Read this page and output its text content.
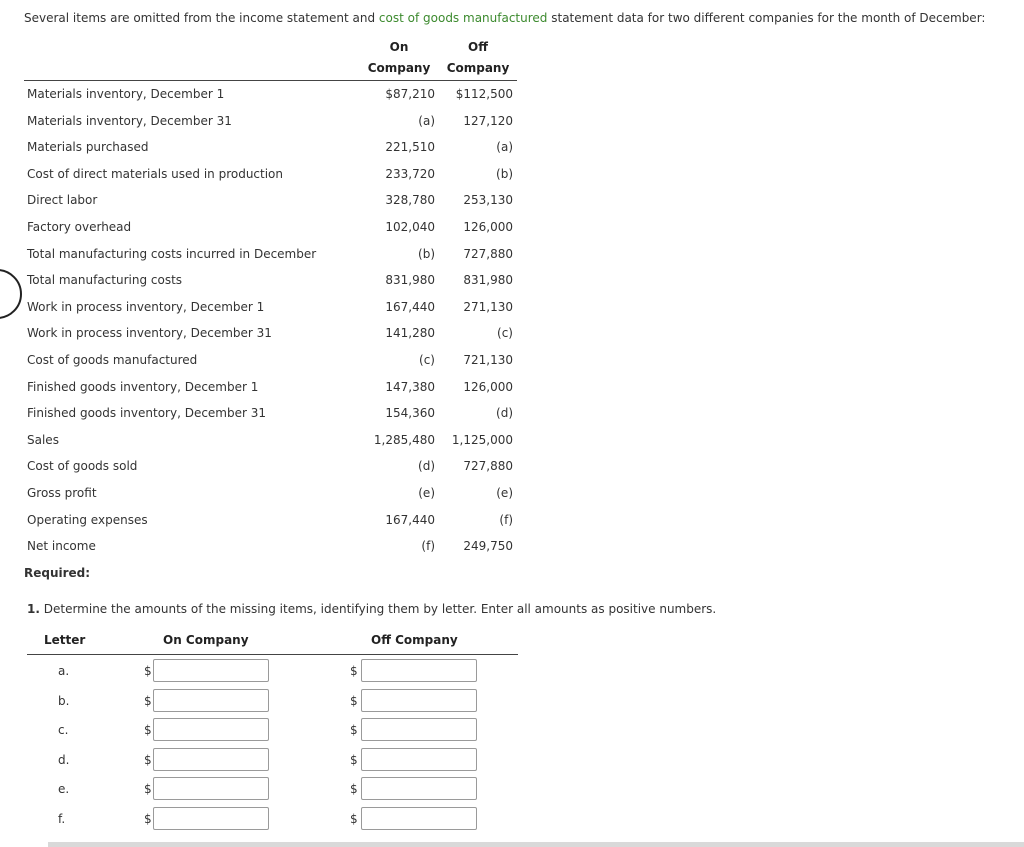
Several items are omitted from the income statement and cost of goods manufactured statement data for two different companies for the month of December:
On
Company
Off
Company
Materials inventory, December 1	$87,210 $112,500
Materials inventory, December 31	(a) 127,120
Materials purchased	221,510	(a)
Cost of direct materials used in production	233,720	(b)
Direct labor	328,780 253,130
Factory overhead	102,040 126,000
Total manufacturing costs incurred in December	(b) 727,880
Total manufacturing costs	831,980 831,980
Work in process inventory, December 1	167,440 271,130
Work in process inventory, December 31	141,280	(c)
Cost of goods manufactured	(c) 721,130
Finished goods inventory, December 1	147,380 126,000
Finished goods inventory, December 31	154,360	(d)
Sales	1,285,480 1,125,000
Cost of goods sold	(d) 727,880
Gross profit	(e)	(e)
Operating expenses	167,440	(f)
Net income	(f) 249,750
Required:
1. Determine the amounts of the missing items, identifying them by letter. Enter all amounts as positive numbers.
Letter	On Company	Off Company
a.	$	$
b.	$	$
c.	$	$
d.	$	$
e.	$	$
f.	$	$
